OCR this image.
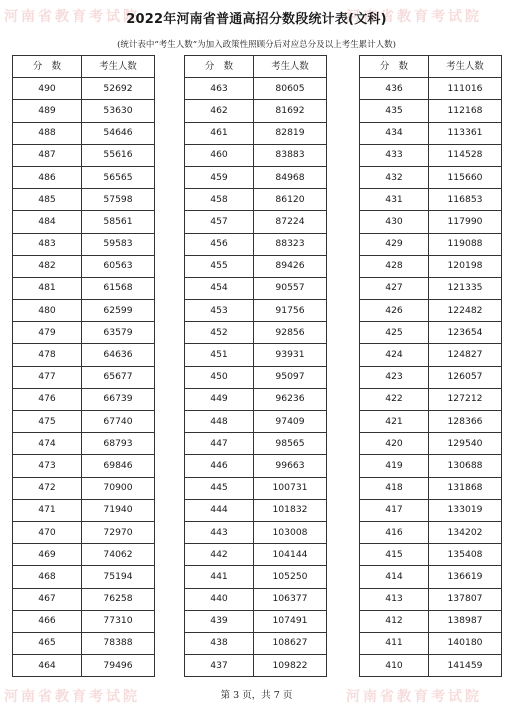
河南省教育考试院	河南省教育考试院
2022年河南省普通高招分数段统计表(文科)
(统计表中“考生人数”为加入政策性照顾分后对应总分及以上考生累计人数)
分　数	考生人数
490	52692
489	53630
488	54646
487	55616
486	56565
485	57598
484	58561
483	59583
482	60563
481	61568
480	62599
479	63579
478	64636
477	65677
476	66739
475	67740
474	68793
473	69846
472	70900
471	71940
470	72970
469	74062
468	75194
467	76258
466	77310
465	78388
464	79496
分　数	考生人数
463	80605
462	81692
461	82819
460	83883
459	84968
458	86120
457	87224
456	88323
455	89426
454	90557
453	91756
452	92856
451	93931
450	95097
449	96236
448	97409
447	98565
446	99663
445	100731
444	101832
443	103008
442	104144
441	105250
440	106377
439	107491
438	108627
437	109822
分　数	考生人数
436	111016
435	112168
434	113361
433	114528
432	115660
431	116853
430	117990
429	119088
428	120198
427	121335
426	122482
425	123654
424	124827
423	126057
422	127212
421	128366
420	129540
419	130688
418	131868
417	133019
416	134202
415	135408
414	136619
413	137807
412	138987
411	140180
410	141459
河南省教育考试院	河南省教育考试院
第 3 页，共 7 页
